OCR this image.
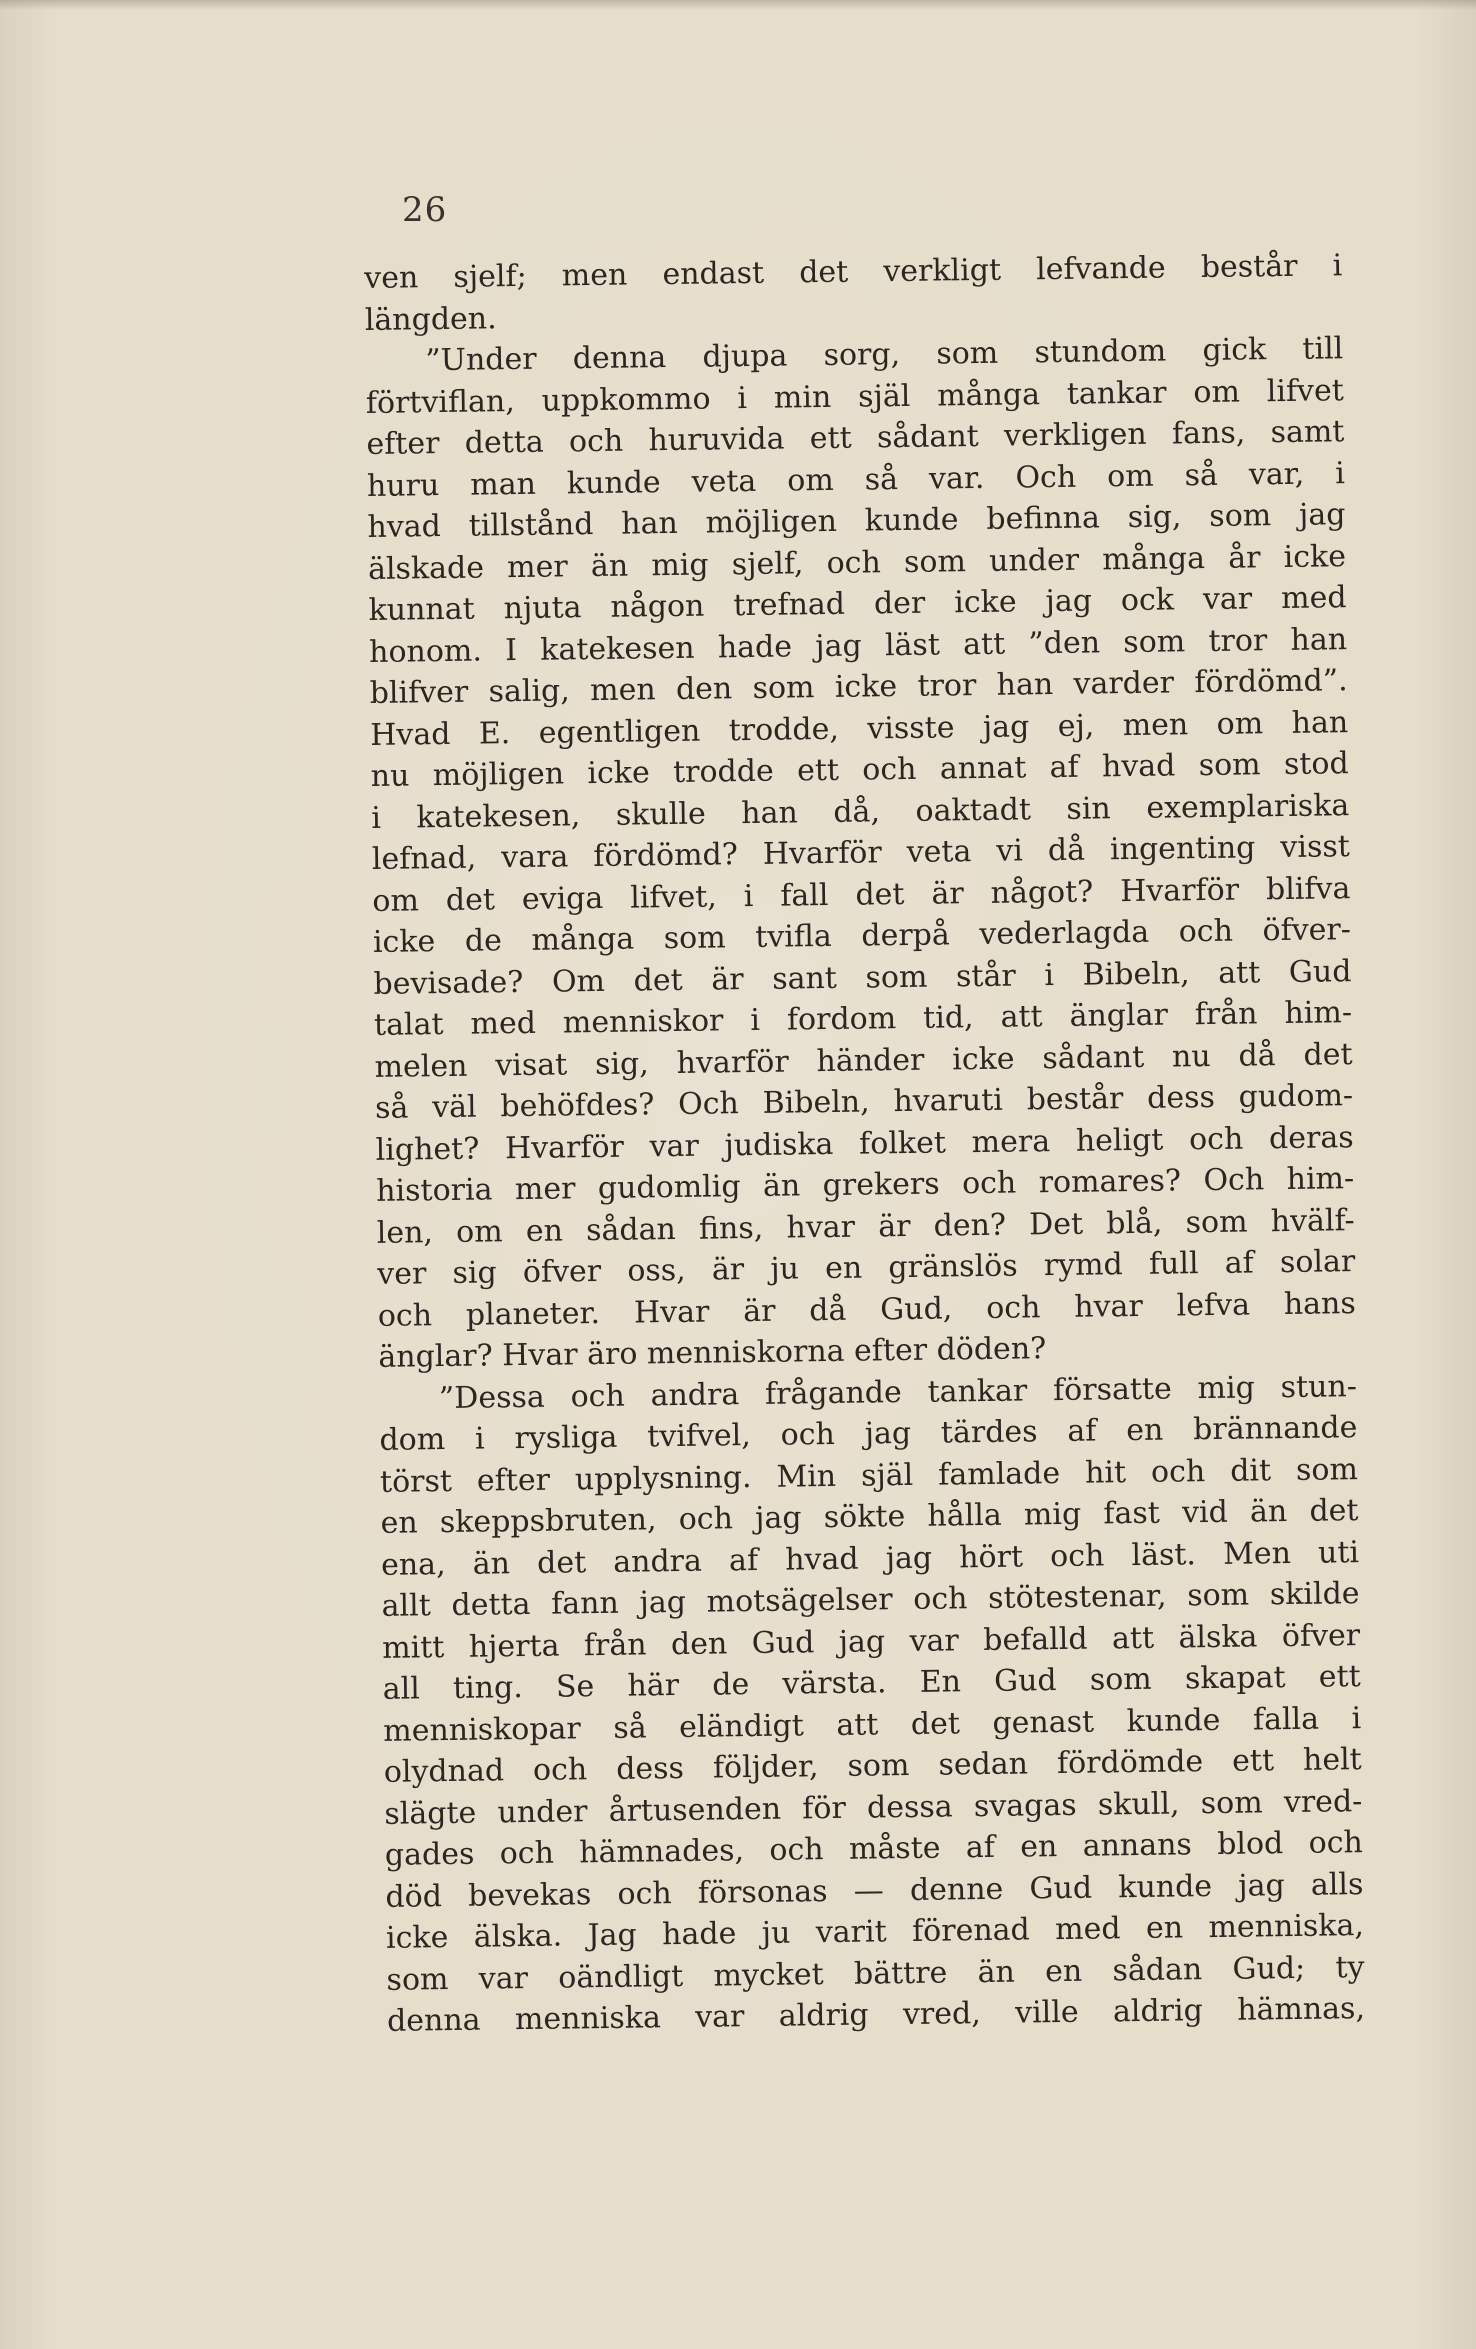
26
ven sjelf; men endast det verkligt lefvande består i
längden.
”Under denna djupa sorg, som stundom gick till
förtviflan, uppkommo i min själ många tankar om lifvet
efter detta och huruvida ett sådant verkligen fans, samt
huru man kunde veta om så var. Och om så var, i
hvad tillstånd han möjligen kunde befinna sig, som jag
älskade mer än mig sjelf, och som under många år icke
kunnat njuta någon trefnad der icke jag ock var med
honom. I katekesen hade jag läst att ”den som tror han
blifver salig, men den som icke tror han varder fördömd”.
Hvad E. egentligen trodde, visste jag ej, men om han
nu möjligen icke trodde ett och annat af hvad som stod
i katekesen, skulle han då, oaktadt sin exemplariska
lefnad, vara fördömd? Hvarför veta vi då ingenting visst
om det eviga lifvet, i fall det är något? Hvarför blifva
icke de många som tvifla derpå vederlagda och öfver-
bevisade? Om det är sant som står i Bibeln, att Gud
talat med menniskor i fordom tid, att änglar från him-
melen visat sig, hvarför händer icke sådant nu då det
så väl behöfdes? Och Bibeln, hvaruti består dess gudom-
lighet? Hvarför var judiska folket mera heligt och deras
historia mer gudomlig än grekers och romares? Och him-
len, om en sådan fins, hvar är den? Det blå, som hvälf-
ver sig öfver oss, är ju en gränslös rymd full af solar
och planeter. Hvar är då Gud, och hvar lefva hans
änglar? Hvar äro menniskorna efter döden?
”Dessa och andra frågande tankar försatte mig stun-
dom i rysliga tvifvel, och jag tärdes af en brännande
törst efter upplysning. Min själ famlade hit och dit som
en skeppsbruten, och jag sökte hålla mig fast vid än det
ena, än det andra af hvad jag hört och läst. Men uti
allt detta fann jag motsägelser och stötestenar, som skilde
mitt hjerta från den Gud jag var befalld att älska öfver
all ting. Se här de värsta. En Gud som skapat ett
menniskopar så eländigt att det genast kunde falla i
olydnad och dess följder, som sedan fördömde ett helt
slägte under årtusenden för dessa svagas skull, som vred-
gades och hämnades, och måste af en annans blod och
död bevekas och försonas — denne Gud kunde jag alls
icke älska. Jag hade ju varit förenad med en menniska,
som var oändligt mycket bättre än en sådan Gud; ty
denna menniska var aldrig vred, ville aldrig hämnas,
